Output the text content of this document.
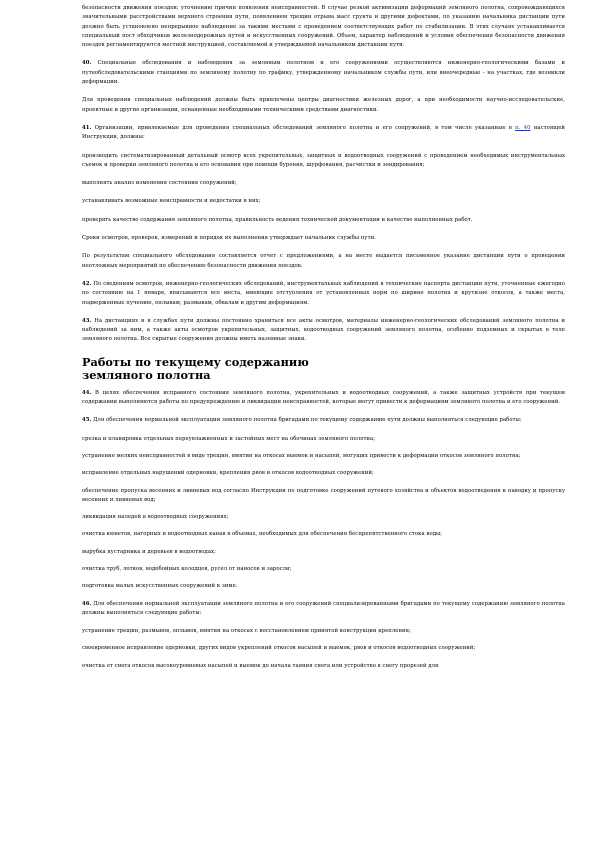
безопасности движения поездов; уточнению причин появления неисправностей. В случае резкой активизации деформаций земляного полотна, сопровождающихся значительными расстройствами верхнего строения пути, появлением трещин отрыва масс грунта и другими дефектами, по указанию начальника дистанции пути должно быть установлено непрерывное наблюдение за такими местами с проведением соответствующих работ по стабилизации. В этих случаях устанавливается специальный пост обходчиков железнодорожных путей и искусственных сооружений. Объем, характер наблюдений и условия обеспечения безопасности движения поездов регламентируются местной инструкцией, составляемой и утверждаемой начальником дистанции пути.

40. Специальные обследования и наблюдения за земляным полотном и его сооружениями осуществляются инженерно-геологическими базами и путеобследовательскими станциями по земляному полотну по графику, утвержденному начальником службы пути, или внеочередные - на участках, где возникли деформации.

Для проведения специальных наблюдений должны быть привлечены центры диагностики железных дорог, а при необходимости научно-исследовательские, проектные и другие организации, оснащенные необходимыми техническими средствами диагностики.

41. Организации, привлекаемые для проведения специальных обследований земляного полотна и его сооружений, в том числе указанные в п. 40 настоящей Инструкции, должны:

производить систематизированный детальный осмотр всех укрепительных, защитных и водоотводных сооружений с проведением необходимых инструментальных съемок и проверки земляного полотна и его основания при помощи бурения, шурфования, расчистки и зондирования;

выполнять анализ изменения состояния сооружений;

устанавливать возможные неисправности и недостатки в них;

проверять качество содержания земляного полотна, правильность ведения технической документации и качество выполненных работ.

Сроки осмотров, проверок, измерений и порядок их выполнения утверждает начальник службы пути.

По результатам специального обследования составляется отчет с предложениями, а на месте выдается письменное указание дистанции пути о проведении неотложных мероприятий по обеспечению безопасности движения поездов.

42. По сведениям осмотров, инженерно-геологических обследований, инструментальных наблюдений в технические паспорта дистанции пути, уточненные ежегодно по состоянию на 1 января, вписываются все места, имеющие отступления от установленных норм по ширине полотна и крутизне откосов, а также места, подверженные пучению, оплывам, размывам, обвалам и другим деформациям.

43. На дистанциях и в службах пути должны постоянно храниться все акты осмотров, материалы инженерно-геологических обследований земляного полотна и наблюдений за ним, а также акты осмотров укрепительных, защитных, водоотводных сооружений земляного полотна, особенно подземных и скрытых в теле земляного полотна. Все скрытые сооружения должны иметь наземные знаки.

Работы по текущему содержанию
земляного полотна

44. В целях обеспечения исправного состояния земляного полотна, укрепительных и водоотводных сооружений, а также защитных устройств при текущем содержании выполняются работы по предупреждению и ликвидации неисправностей, которые могут привести к деформациям земляного полотна и его сооружений.

45. Для обеспечения нормальной эксплуатации земляного полотна бригадами по текущему содержанию пути должны выполняться следующие работы:

срезка и планировка отдельных переувлажненных и застойных мест на обочинах земляного полотна;

устранение мелких неисправностей в виде трещин, вмятин на откосах выемок и насыпей, могущих привести к деформации откосов земляного полотна;

исправление отдельных нарушений одерновки, крепления рвов и откосов водоотводных сооружений;

обеспечение пропуска весенних и ливневых вод согласно Инструкции по подготовке сооружений путевого хозяйства и объектов водоотведения к паводку и пропуску весенних и ливневых вод;

ликвидация наледей в водоотводных сооружениях;

очистка кюветов, нагорных и водоотводных канав в объемах, необходимых для обеспечения беспрепятственного стока воды;

вырубка кустарника и деревьев в водоотводах;

очистка труб, лотков, водобойных колодцев, русел от наносов и заросли;

подготовка малых искусственных сооружений к зиме.

46. Для обеспечения нормальной эксплуатации земляного полотна и его сооружений специализированными бригадами по текущему содержанию земляного полотна должны выполняться следующие работы:

устранение трещин, размывов, оплывов, вмятин на откосах с восстановлением принятой конструкции крепления;

своевременное исправление одерновки, других видов укреплений откосов насыпей и выемок, рвов и откосов водоотводных сооружений;

очистка от снега откосов высокоуровневых насыпей и выемок до начала таяния снега или устройство в снегу прорезей для
